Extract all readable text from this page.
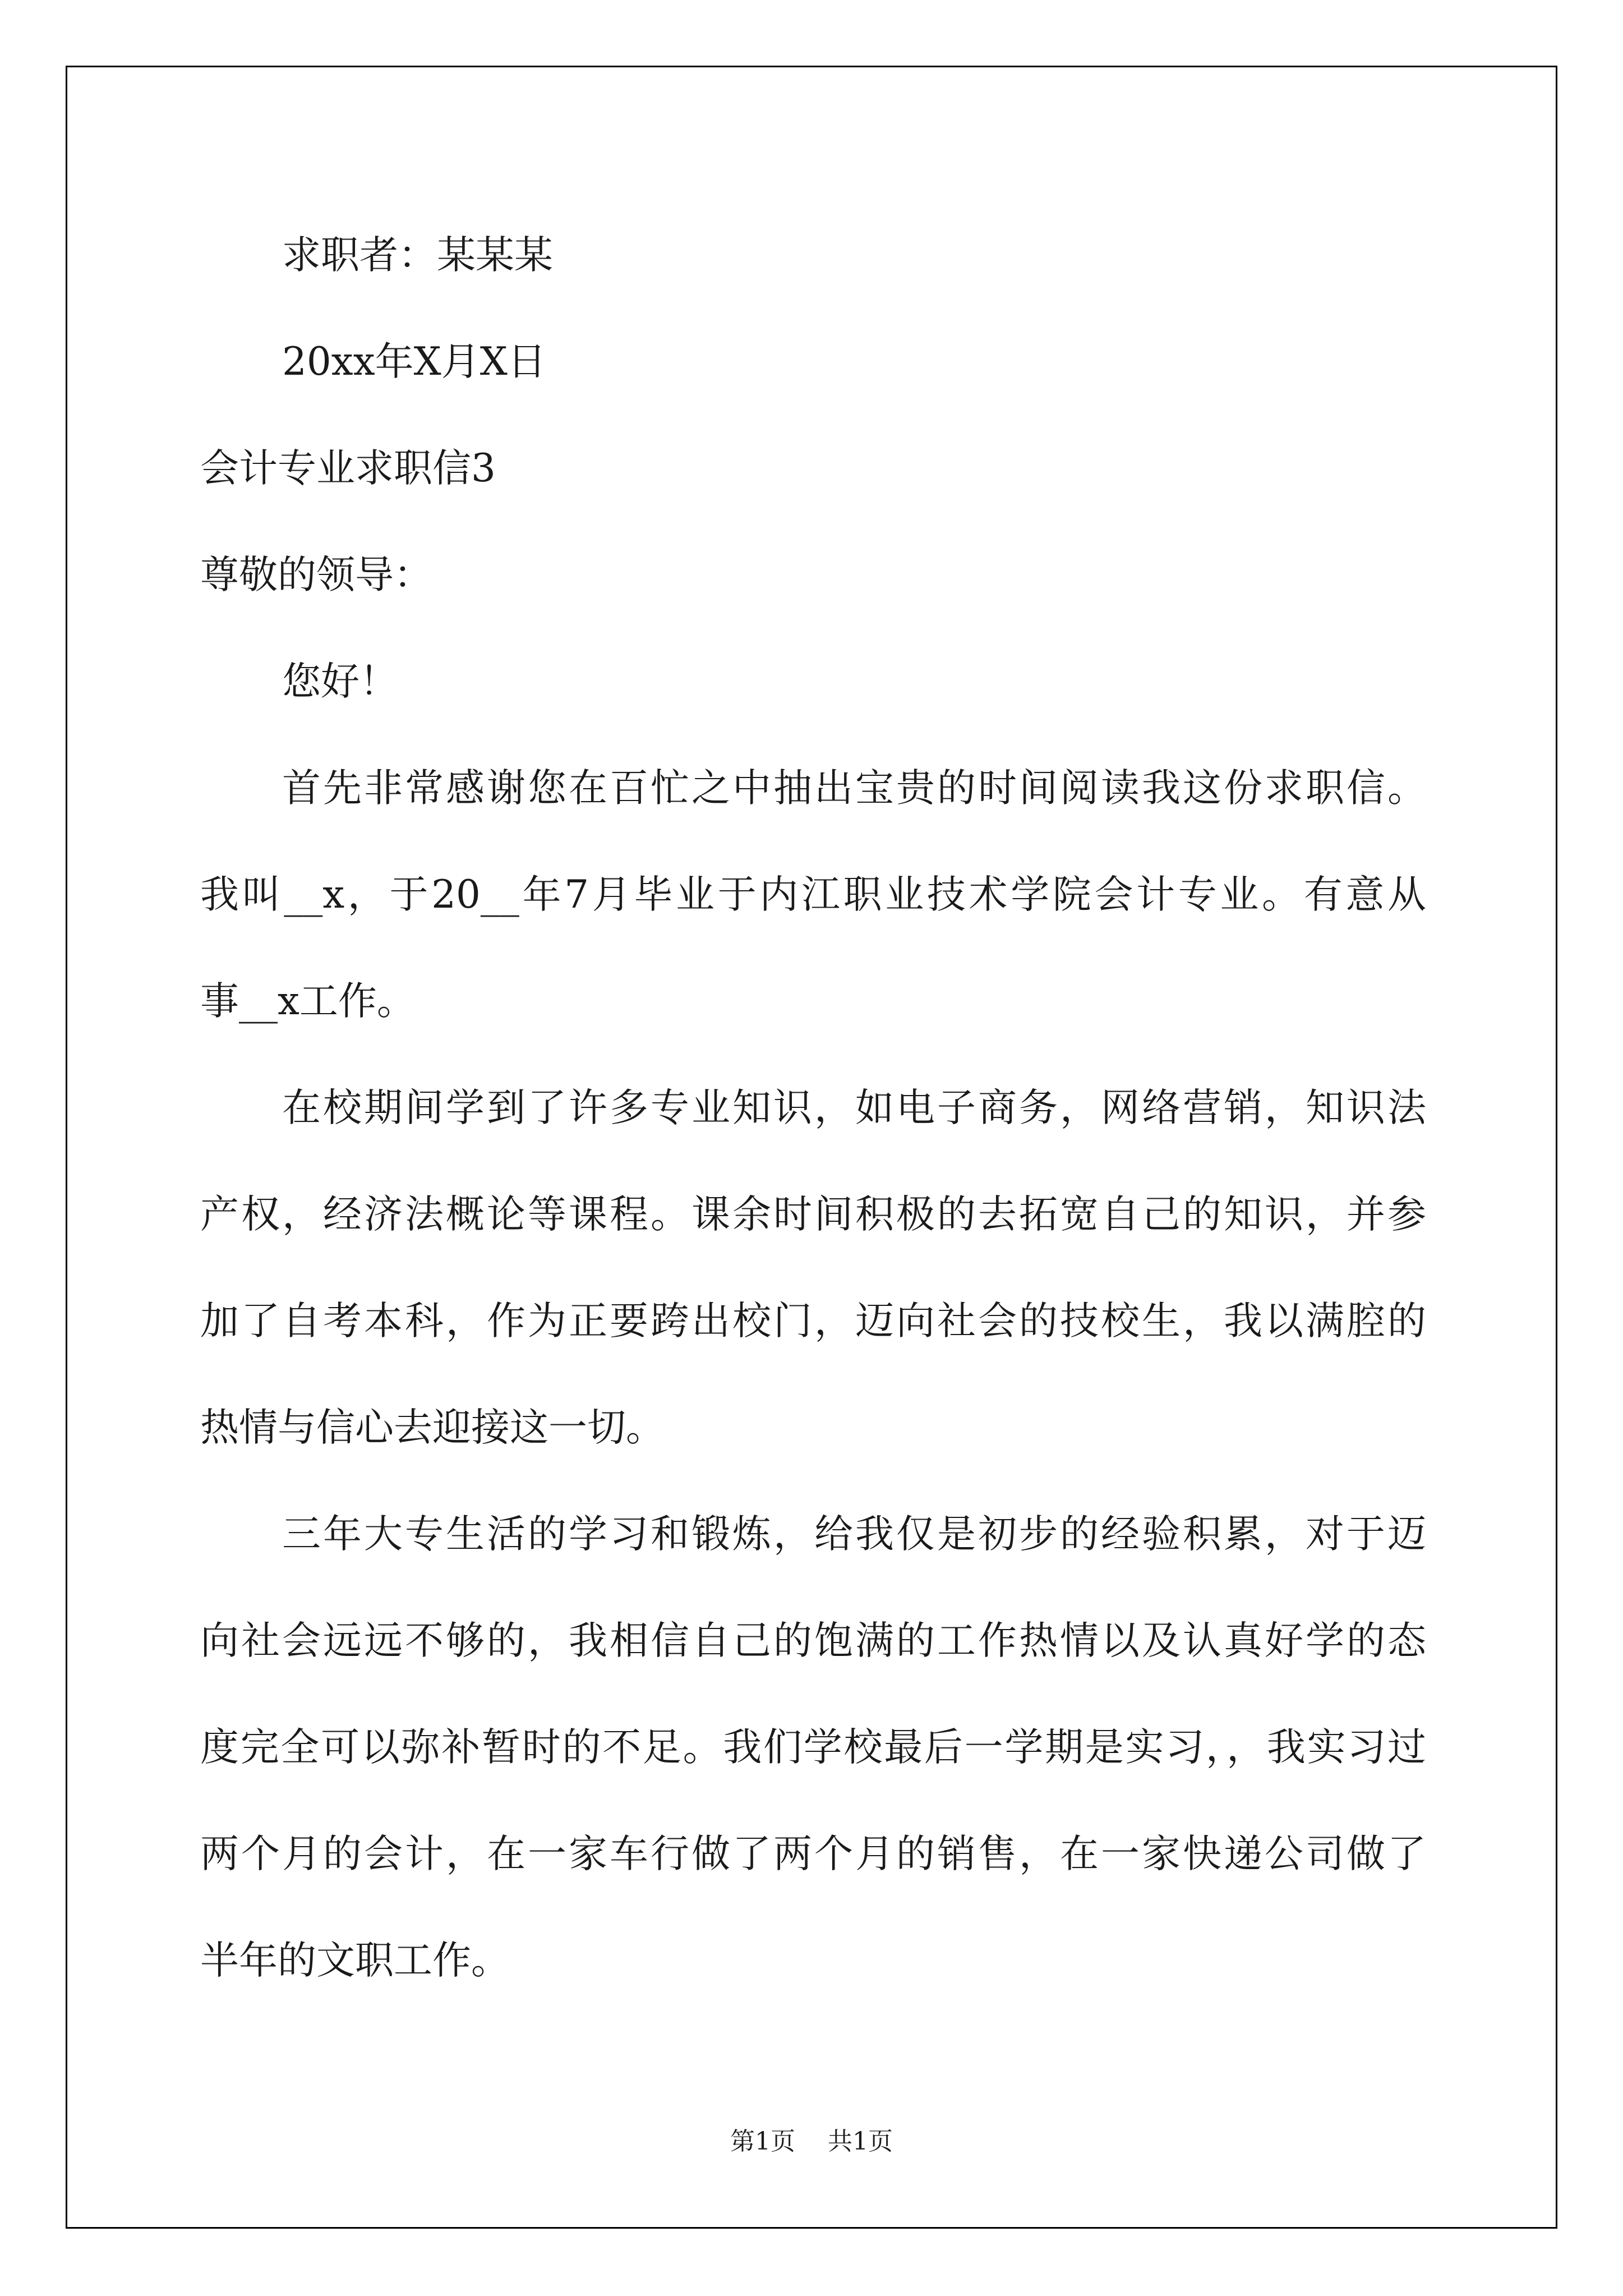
求职者：某某某

20xx年X月X日

会计专业求职信3

尊敬的领导：

您好！

首先非常感谢您在百忙之中抽出宝贵的时间阅读我这份求职信。

我叫__x，于20__年7月毕业于内江职业技术学院会计专业。有意从

事__x工作。

在校期间学到了许多专业知识，如电子商务，网络营销，知识法

产权，经济法概论等课程。课余时间积极的去拓宽自己的知识，并参

加了自考本科，作为正要跨出校门，迈向社会的技校生，我以满腔的

热情与信心去迎接这一切。

三年大专生活的学习和锻炼，给我仅是初步的经验积累，对于迈

向社会远远不够的，我相信自己的饱满的工作热情以及认真好学的态

度完全可以弥补暂时的不足。我们学校最后一学期是实习，，我实习过

两个月的会计，在一家车行做了两个月的销售，在一家快递公司做了

半年的文职工作。

第1页 共1页
